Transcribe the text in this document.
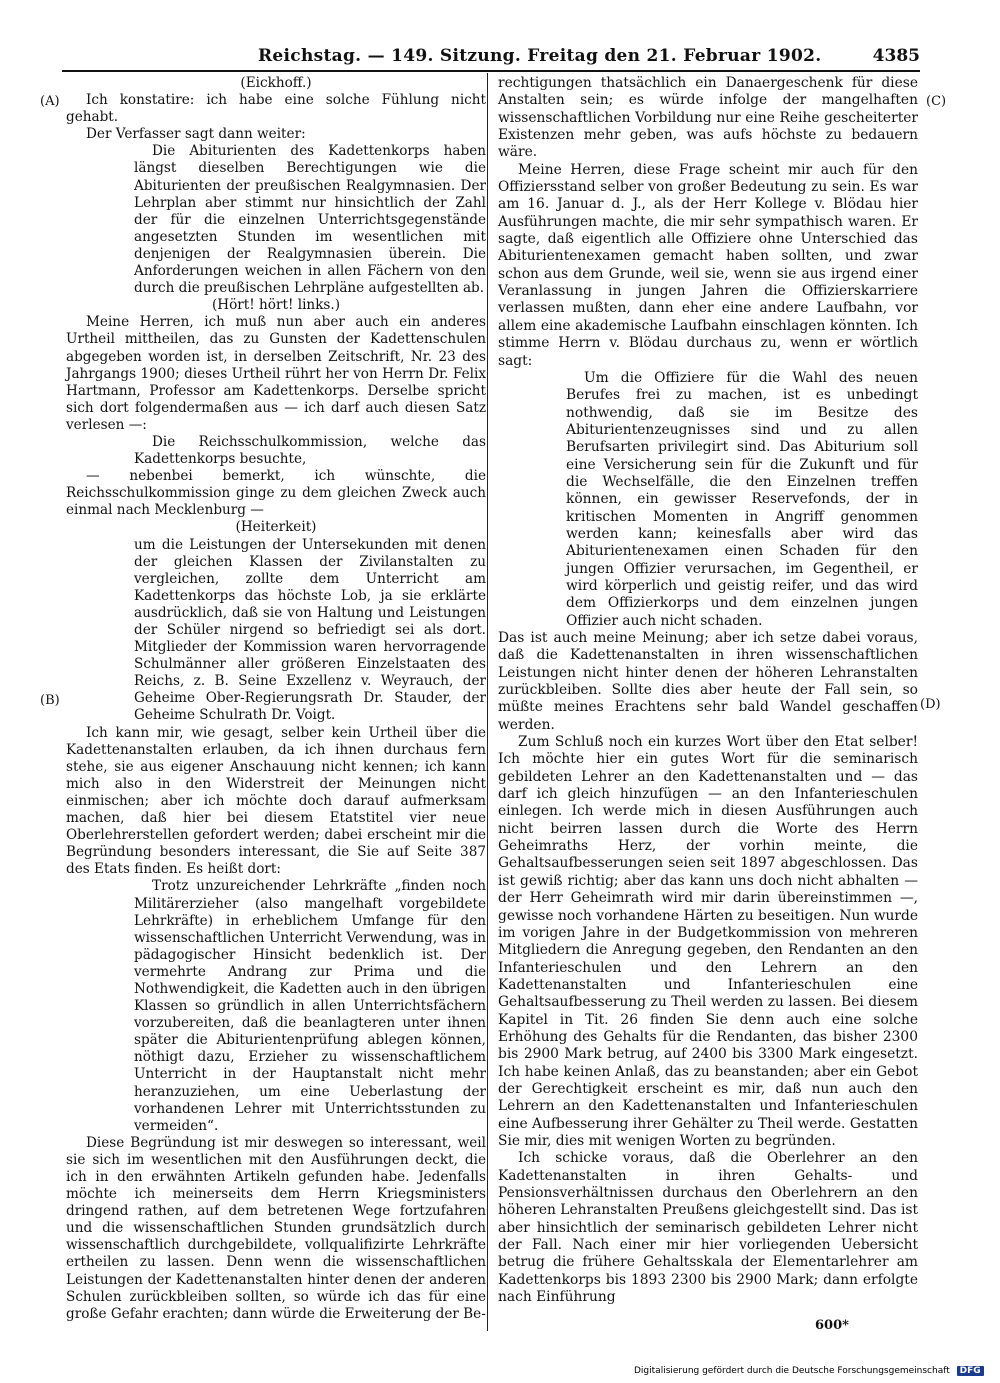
Reichstag. — 149. Sitzung. Freitag den 21. Februar 1902.	4385
(A)
(B)
(C)
(D)

(Eickhoff.)

Ich konstatire: ich habe eine solche Fühlung nicht gehabt.

Der Verfasser sagt dann weiter:

Die Abiturienten des Kadettenkorps haben längst dieselben Berechtigungen wie die Abiturienten der preußischen Realgymnasien. Der Lehrplan aber stimmt nur hinsichtlich der Zahl der für die einzelnen Unterrichtsgegenstände angesetzten Stunden im wesentlichen mit denjenigen der Realgymnasien überein. Die Anforderungen weichen in allen Fächern von den durch die preußischen Lehrpläne aufgestellten ab.

(Hört! hört! links.)

Meine Herren, ich muß nun aber auch ein anderes Urtheil mittheilen, das zu Gunsten der Kadettenschulen abgegeben worden ist, in derselben Zeitschrift, Nr. 23 des Jahrgangs 1900; dieses Urtheil rührt her von Herrn Dr. Felix Hartmann, Professor am Kadettenkorps. Derselbe spricht sich dort folgendermaßen aus — ich darf auch diesen Satz verlesen —:

Die Reichsschulkommission, welche das Kadettenkorps besuchte,

— nebenbei bemerkt, ich wünschte, die Reichsschulkommission ginge zu dem gleichen Zweck auch einmal nach Mecklenburg —

(Heiterkeit)

um die Leistungen der Untersekunden mit denen der gleichen Klassen der Zivilanstalten zu vergleichen, zollte dem Unterricht am Kadettenkorps das höchste Lob, ja sie erklärte ausdrücklich, daß sie von Haltung und Leistungen der Schüler nirgend so befriedigt sei als dort. Mitglieder der Kommission waren hervorragende Schulmänner aller größeren Einzelstaaten des Reichs, z. B. Seine Exzellenz v. Weyrauch, der Geheime Ober-Regierungsrath Dr. Stauder, der Geheime Schulrath Dr. Voigt.

Ich kann mir, wie gesagt, selber kein Urtheil über die Kadettenanstalten erlauben, da ich ihnen durchaus fern stehe, sie aus eigener Anschauung nicht kennen; ich kann mich also in den Widerstreit der Meinungen nicht einmischen; aber ich möchte doch darauf aufmerksam machen, daß hier bei diesem Etatstitel vier neue Oberlehrerstellen gefordert werden; dabei erscheint mir die Begründung besonders interessant, die Sie auf Seite 387 des Etats finden. Es heißt dort:

Trotz unzureichender Lehrkräfte „finden noch Militärerzieher (also mangelhaft vorgebildete Lehrkräfte) in erheblichem Umfange für den wissenschaftlichen Unterricht Verwendung, was in pädagogischer Hinsicht bedenklich ist. Der vermehrte Andrang zur Prima und die Nothwendigkeit, die Kadetten auch in den übrigen Klassen so gründlich in allen Unterrichtsfächern vorzubereiten, daß die beanlagteren unter ihnen später die Abiturientenprüfung ablegen können, nöthigt dazu, Erzieher zu wissenschaftlichem Unterricht in der Hauptanstalt nicht mehr heranzuziehen, um eine Ueberlastung der vorhandenen Lehrer mit Unterrichtsstunden zu vermeiden“.

Diese Begründung ist mir deswegen so interessant, weil sie sich im wesentlichen mit den Ausführungen deckt, die ich in den erwähnten Artikeln gefunden habe. Jedenfalls möchte ich meinerseits dem Herrn Kriegsministers dringend rathen, auf dem betretenen Wege fortzufahren und die wissenschaftlichen Stunden grundsätzlich durch wissenschaftlich durchgebildete, vollqualifizirte Lehrkräfte ertheilen zu lassen. Denn wenn die wissenschaftlichen Leistungen der Kadettenanstalten hinter denen der anderen Schulen zurückbleiben sollten, so würde ich das für eine große Gefahr erachten; dann würde die Erweiterung der Be-

rechtigungen thatsächlich ein Danaergeschenk für diese Anstalten sein; es würde infolge der mangelhaften wissenschaftlichen Vorbildung nur eine Reihe gescheiterter Existenzen mehr geben, was aufs höchste zu bedauern wäre.

Meine Herren, diese Frage scheint mir auch für den Offiziersstand selber von großer Bedeutung zu sein. Es war am 16. Januar d. J., als der Herr Kollege v. Blödau hier Ausführungen machte, die mir sehr sympathisch waren. Er sagte, daß eigentlich alle Offiziere ohne Unterschied das Abiturientenexamen gemacht haben sollten, und zwar schon aus dem Grunde, weil sie, wenn sie aus irgend einer Veranlassung in jungen Jahren die Offizierskarriere verlassen mußten, dann eher eine andere Laufbahn, vor allem eine akademische Laufbahn einschlagen könnten. Ich stimme Herrn v. Blödau durchaus zu, wenn er wörtlich sagt:

Um die Offiziere für die Wahl des neuen Berufes frei zu machen, ist es unbedingt nothwendig, daß sie im Besitze des Abiturientenzeugnisses sind und zu allen Berufsarten privilegirt sind. Das Abiturium soll eine Versicherung sein für die Zukunft und für die Wechselfälle, die den Einzelnen treffen können, ein gewisser Reservefonds, der in kritischen Momenten in Angriff genommen werden kann; keinesfalls aber wird das Abiturientenexamen einen Schaden für den jungen Offizier verursachen, im Gegentheil, er wird körperlich und geistig reifer, und das wird dem Offizierkorps und dem einzelnen jungen Offizier auch nicht schaden.

Das ist auch meine Meinung; aber ich setze dabei voraus, daß die Kadettenanstalten in ihren wissenschaftlichen Leistungen nicht hinter denen der höheren Lehranstalten zurückbleiben. Sollte dies aber heute der Fall sein, so müßte meines Erachtens sehr bald Wandel geschaffen werden.

Zum Schluß noch ein kurzes Wort über den Etat selber! Ich möchte hier ein gutes Wort für die seminarisch gebildeten Lehrer an den Kadettenanstalten und — das darf ich gleich hinzufügen — an den Infanterieschulen einlegen. Ich werde mich in diesen Ausführungen auch nicht beirren lassen durch die Worte des Herrn Geheimraths Herz, der vorhin meinte, die Gehaltsaufbesserungen seien seit 1897 abgeschlossen. Das ist gewiß richtig; aber das kann uns doch nicht abhalten — der Herr Geheimrath wird mir darin übereinstimmen —, gewisse noch vorhandene Härten zu beseitigen. Nun wurde im vorigen Jahre in der Budgetkommission von mehreren Mitgliedern die Anregung gegeben, den Rendanten an den Infanterieschulen und den Lehrern an den Kadettenanstalten und Infanterieschulen eine Gehaltsaufbesserung zu Theil werden zu lassen. Bei diesem Kapitel in Tit. 26 finden Sie denn auch eine solche Erhöhung des Gehalts für die Rendanten, das bisher 2300 bis 2900 Mark betrug, auf 2400 bis 3300 Mark eingesetzt. Ich habe keinen Anlaß, das zu beanstanden; aber ein Gebot der Gerechtigkeit erscheint es mir, daß nun auch den Lehrern an den Kadettenanstalten und Infanterieschulen eine Aufbesserung ihrer Gehälter zu Theil werde. Gestatten Sie mir, dies mit wenigen Worten zu begründen.

Ich schicke voraus, daß die Oberlehrer an den Kadettenanstalten in ihren Gehalts- und Pensionsverhältnissen durchaus den Oberlehrern an den höheren Lehranstalten Preußens gleichgestellt sind. Das ist aber hinsichtlich der seminarisch gebildeten Lehrer nicht der Fall. Nach einer mir hier vorliegenden Uebersicht betrug die frühere Gehaltsskala der Elementarlehrer am Kadettenkorps bis 1893 2300 bis 2900 Mark; dann erfolgte nach Einführung

600*
Digitalisierung gefördert durch die Deutsche Forschungsgemeinschaft DFG
